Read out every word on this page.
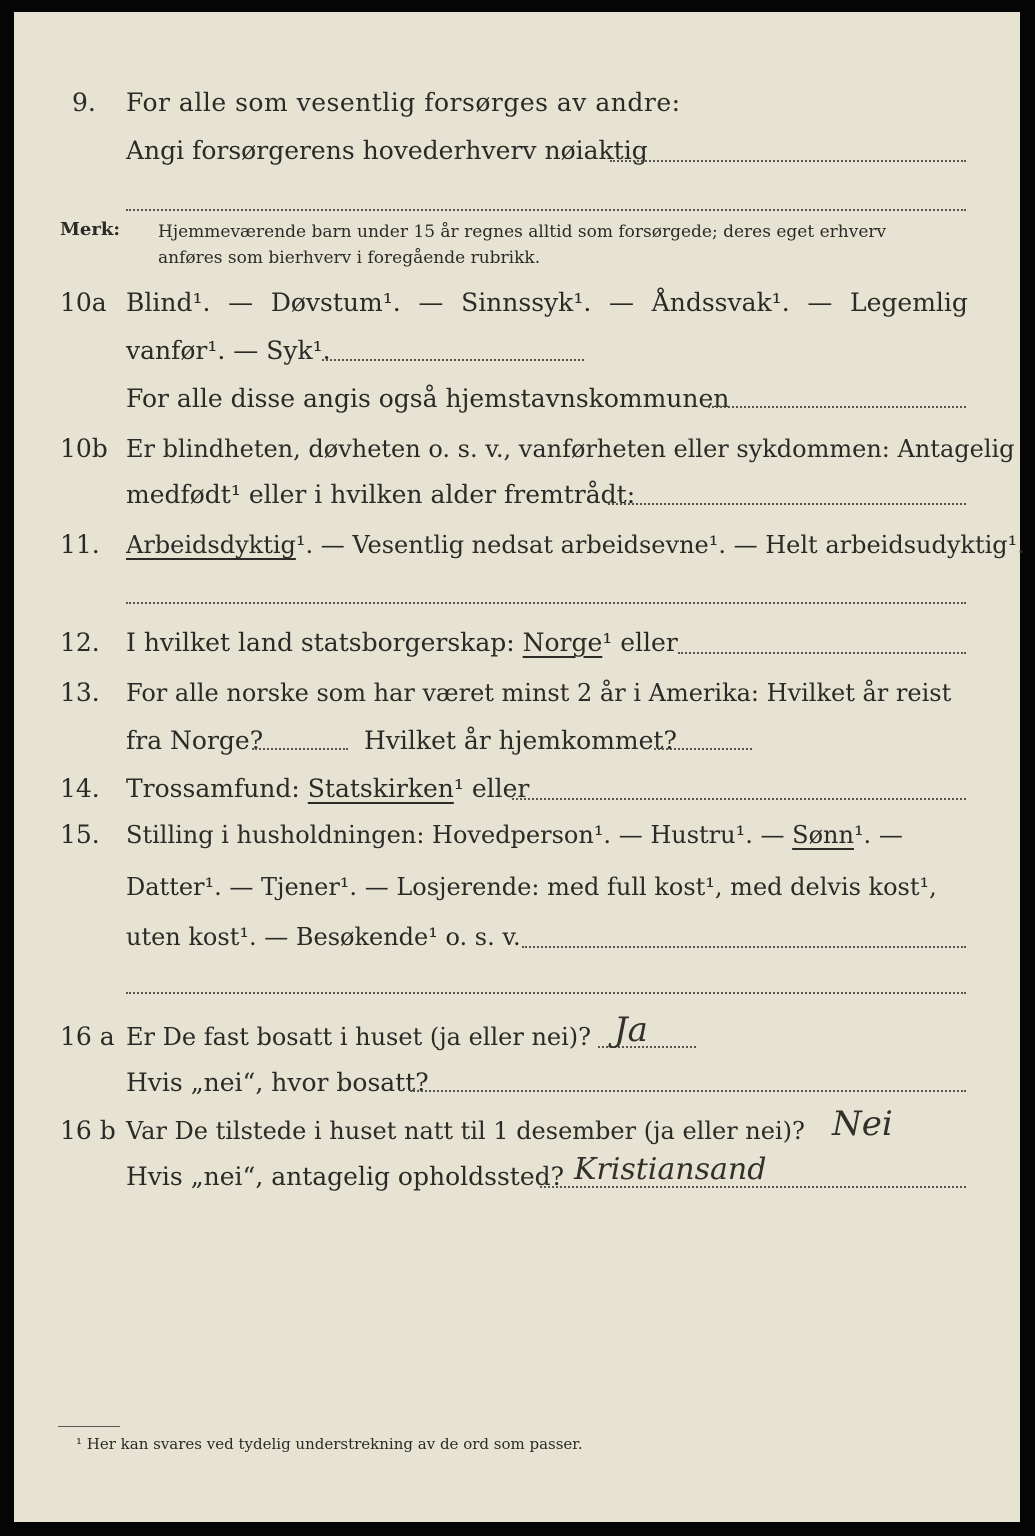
9. For alle som vesentlig forsørges av andre:
Angi forsørgerens hovederhverv nøiaktig
Merk: Hjemmeværende barn under 15 år regnes alltid som forsørgede; deres eget erhverv
anføres som bierhverv i foregående rubrikk.
10a Blind¹. — Døvstum¹. — Sinnssyk¹. — Åndssvak¹. — Legemlig
vanfør¹. — Syk¹.
For alle disse angis også hjemstavnskommunen
10b Er blindheten, døvheten o. s. v., vanførheten eller sykdommen: Antagelig
medfødt¹ eller i hvilken alder fremtrådt:
11. Arbeidsdyktig¹. — Vesentlig nedsat arbeidsevne¹. — Helt arbeidsudyktig¹.
12. I hvilket land statsborgerskap: Norge¹ eller
13. For alle norske som har været minst 2 år i Amerika: Hvilket år reist
fra Norge?	Hvilket år hjemkommet?
14. Trossamfund: Statskirken¹ eller
15. Stilling i husholdningen: Hovedperson¹. — Hustru¹. — Sønn¹. —
Datter¹. — Tjener¹. — Losjerende: med full kost¹, med delvis kost¹,
uten kost¹. — Besøkende¹ o. s. v.
16 a Er De fast bosatt i huset (ja eller nei)? Ja
Hvis „nei“, hvor bosatt?
16 b Var De tilstede i huset natt til 1 desember (ja eller nei)? Nei
Hvis „nei“, antagelig opholdssted? Kristiansand
¹ Her kan svares ved tydelig understrekning av de ord som passer.
